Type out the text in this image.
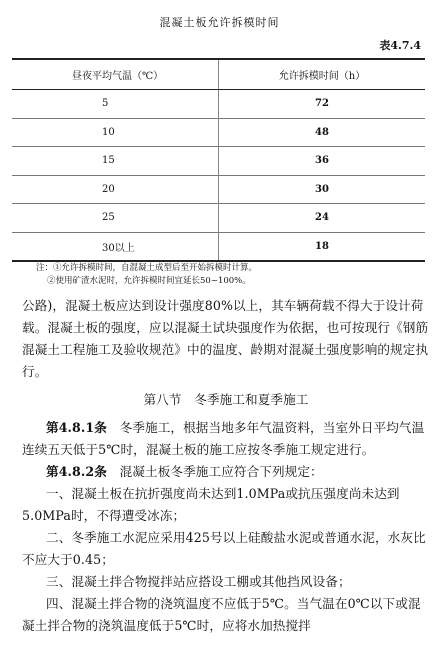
混凝土板允许拆模时间
表4.7.4
昼夜平均气温（℃）	允许拆模时间（h）
5	72
10	48
15	36
20	30
25	24
30以上	18
注：①允许拆模时间，自混凝土成型后至开始拆模时计算。
②使用矿渣水泥时，允许拆模时间宜延长50~100%。

公路)，混凝土板应达到设计强度80%以上，其车辆荷载不得大于设计荷载。混凝土板的强度，应以混凝土试块强度作为依据，也可按现行《钢筋混凝土工程施工及验收规范》中的温度、龄期对混凝土强度影响的规定执行。

第八节　冬季施工和夏季施工

第4.8.1条　冬季施工，根据当地多年气温资料，当室外日平均气温连续五天低于5℃时，混凝土板的施工应按冬季施工规定进行。

第4.8.2条　混凝土板冬季施工应符合下列规定：

一、混凝土板在抗折强度尚未达到1.0MPa或抗压强度尚未达到5.0MPa时，不得遭受冰冻；

二、冬季施工水泥应采用425号以上硅酸盐水泥或普通水泥，水灰比不应大于0.45；

三、混凝土拌合物搅拌站应搭设工棚或其他挡风设备；

四、混凝土拌合物的浇筑温度不应低于5℃。当气温在0℃以下或混凝土拌合物的浇筑温度低于5℃时，应将水加热搅拌
